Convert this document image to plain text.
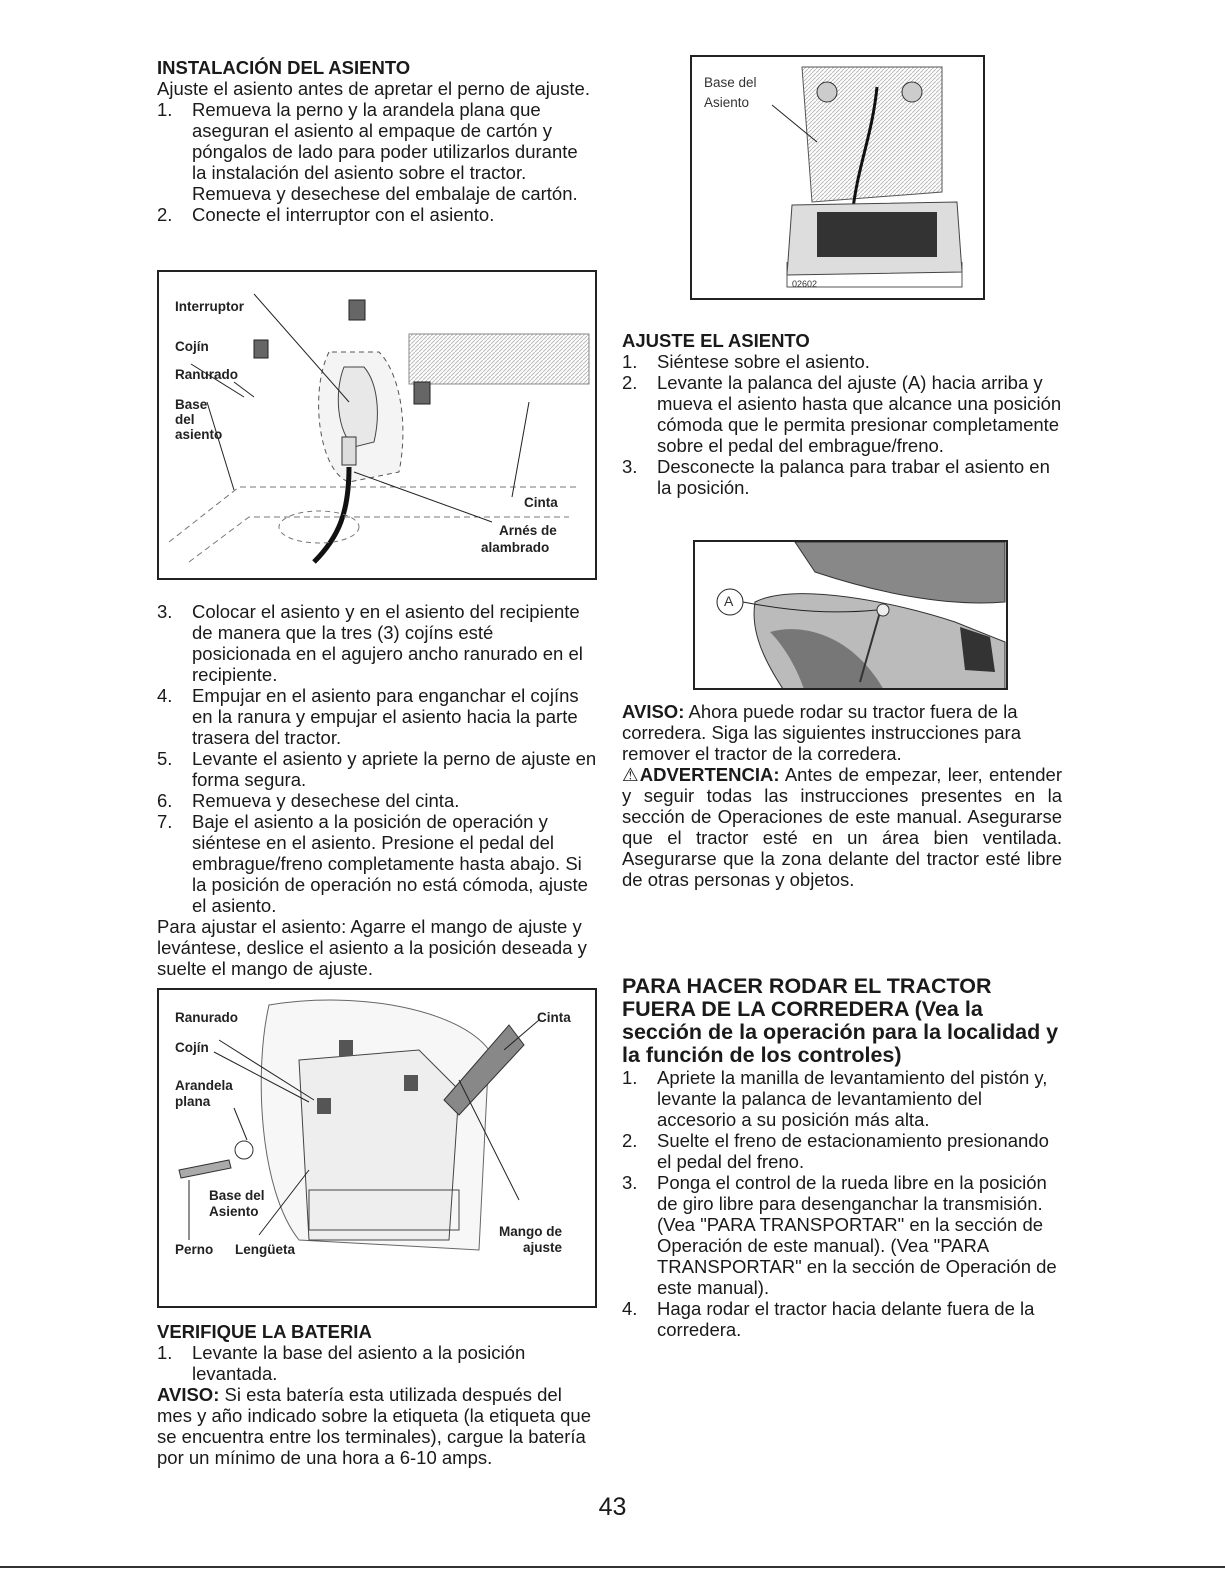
INSTALACIÓN DEL ASIENTO

Ajuste el asiento antes de apretar el perno de ajuste.

1.	Remueva la perno y la arandela plana que aseguran el asiento al empaque de cartón y póngalos de lado para poder utilizarlos durante la instalación del asiento sobre el tractor. Remueva y desechese del embalaje de cartón.
2.	Conecte el interruptor con el asiento.
Interruptor
Cojín
Ranurado
Base
del
asiento
Cinta
Arnés de
alambrado
3.	Colocar el asiento y en el asiento del recipiente de manera que la tres (3) cojíns esté posicionada en el agujero ancho ranurado en el recipiente.
4.	Empujar en el asiento para enganchar el cojíns en la ranura y empujar el asiento hacia la parte trasera del tractor.
5.	Levante el asiento y apriete la perno de ajuste en forma segura.
6.	Remueva y desechese del cinta.
7.	Baje el asiento a la posición de operación y siéntese en el asiento. Presione el pedal del embrague/freno completamente hasta abajo. Si la posición de operación no está cómoda, ajuste el asiento.

Para ajustar el asiento: Agarre el mango de ajuste y levántese, deslice el asiento a la posición deseada y suelte el mango de ajuste.

Ranurado	Cinta
Cojín
Arandela
plana
Base del
Asiento
Mango de
ajuste
Perno Lengüeta
VERIFIQUE LA BATERIA
1.	Levante la base del asiento a la posición levantada.

AVISO: Si esta batería esta utilizada después del mes y año indicado sobre la etiqueta (la etiqueta que se encuentra entre los terminales), cargue la batería por un mínimo de una hora a 6-10 amps.

Base del
Asiento
02602
AJUSTE EL ASIENTO
1.	Siéntese sobre el asiento.
2.	Levante la palanca del ajuste (A) hacia arriba y mueva el asiento hasta que alcance una posición cómoda que le permita presionar completamente sobre el pedal del embrague/freno.
3.	Desconecte la palanca para trabar el asiento en la posición.
A

AVISO: Ahora puede rodar su tractor fuera de la corredera. Siga las siguientes instrucciones para remover el tractor de la corredera.

⚠ADVERTENCIA: Antes de empezar, leer, entender y seguir todas las instrucciones presentes en la sección de Operaciones de este manual. Asegurarse que el tractor esté en un área bien ventilada. Asegurarse que la zona delante del tractor esté libre de otras personas y objetos.

PARA HACER RODAR EL TRACTOR FUERA DE LA CORREDERA (Vea la sección de la operación para la localidad y la función de los controles)
1.	Apriete la manilla de levantamiento del pistón y, levante la palanca de levantamiento del accesorio a su posición más alta.
2.	Suelte el freno de estacionamiento presionando el pedal del freno.
3.	Ponga el control de la rueda libre en la posición de giro libre para desenganchar la transmisión. (Vea "PARA TRANSPORTAR" en la sección de Operación de este manual). (Vea "PARA TRANSPORTAR" en la sección de Operación de este manual).
4.	Haga rodar el tractor hacia delante fuera de la corredera.
43
